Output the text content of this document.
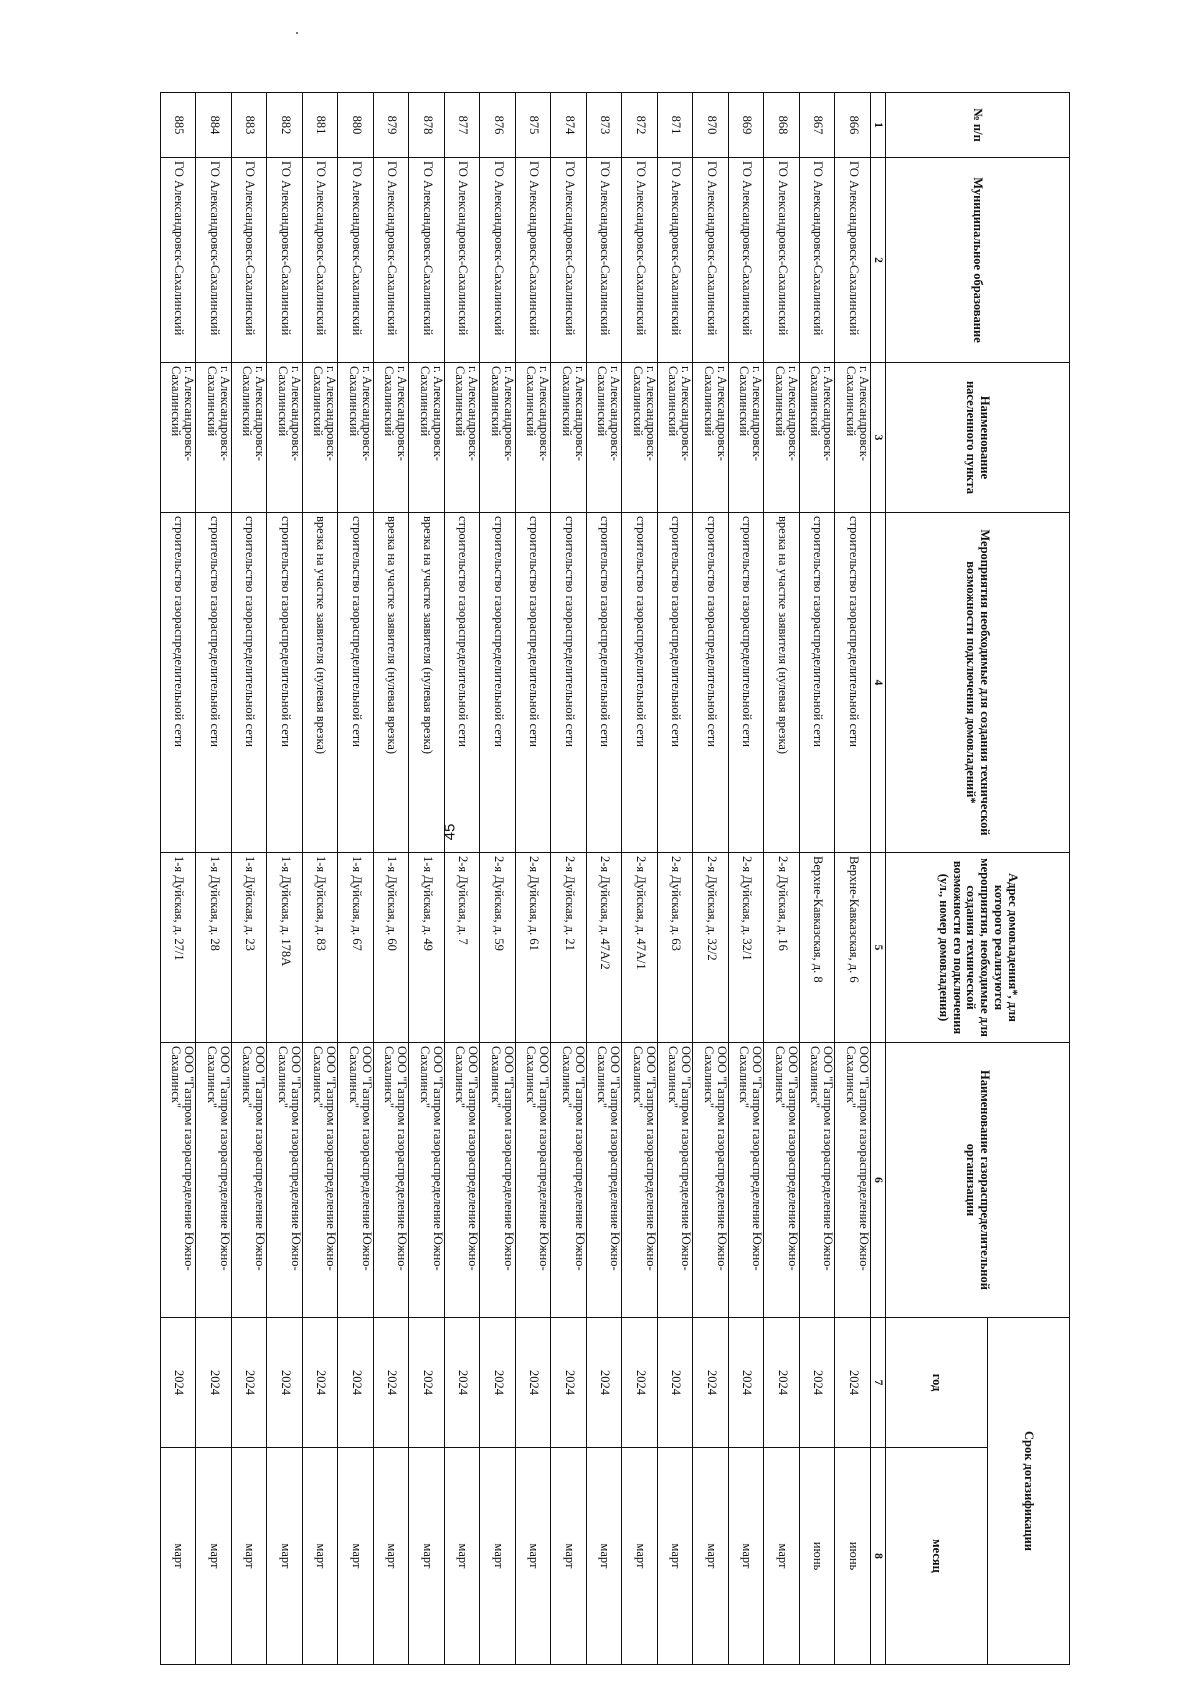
45
№ п/п	Муниципальное образование	Наименование населенного пункта	Мероприятия необходимые для создания технической возможности подключения домовладений*	Адрес домовладения*, для которого реализуются мероприятия, необходимые для создания технической возможности его подключения (ул., номер домовладения)	Наименование газораспределительной организации	Срок догазификации	
						год	месяц
1	2	3	4	5	6	7	8
866	ГО Александровск-Сахалинский	г. Александровск-Сахалинский	строительство газораспределительной сети	Верхне-Кавказская, д. 6	ООО "Газпром газораспределение Южно-Сахалинск"	2024	июнь
867	ГО Александровск-Сахалинский	г. Александровск-Сахалинский	строительство газораспределительной сети	Верхне-Кавказская, д. 8	ООО "Газпром газораспределение Южно-Сахалинск"	2024	июнь
868	ГО Александровск-Сахалинский	г. Александровск-Сахалинский	врезка на участке заявителя (нулевая врезка)	2-я Дуйская, д. 16	ООО "Газпром газораспределение Южно-Сахалинск"	2024	март
869	ГО Александровск-Сахалинский	г. Александровск-Сахалинский	строительство газораспределительной сети	2-я Дуйская, д. 32/1	ООО "Газпром газораспределение Южно-Сахалинск"	2024	март
870	ГО Александровск-Сахалинский	г. Александровск-Сахалинский	строительство газораспределительной сети	2-я Дуйская, д. 32/2	ООО "Газпром газораспределение Южно-Сахалинск"	2024	март
871	ГО Александровск-Сахалинский	г. Александровск-Сахалинский	строительство газораспределительной сети	2-я Дуйская, д. 63	ООО "Газпром газораспределение Южно-Сахалинск"	2024	март
872	ГО Александровск-Сахалинский	г. Александровск-Сахалинский	строительство газораспределительной сети	2-я Дуйская, д. 47А/1	ООО "Газпром газораспределение Южно-Сахалинск"	2024	март
873	ГО Александровск-Сахалинский	г. Александровск-Сахалинский	строительство газораспределительной сети	2-я Дуйская, д. 47А/2	ООО "Газпром газораспределение Южно-Сахалинск"	2024	март
874	ГО Александровск-Сахалинский	г. Александровск-Сахалинский	строительство газораспределительной сети	2-я Дуйская, д. 21	ООО "Газпром газораспределение Южно-Сахалинск"	2024	март
875	ГО Александровск-Сахалинский	г. Александровск-Сахалинский	строительство газораспределительной сети	2-я Дуйская, д. 61	ООО "Газпром газораспределение Южно-Сахалинск"	2024	март
876	ГО Александровск-Сахалинский	г. Александровск-Сахалинский	строительство газораспределительной сети	2-я Дуйская, д. 59	ООО "Газпром газораспределение Южно-Сахалинск"	2024	март
877	ГО Александровск-Сахалинский	г. Александровск-Сахалинский	строительство газораспределительной сети	2-я Дуйская, д. 7	ООО "Газпром газораспределение Южно-Сахалинск"	2024	март
878	ГО Александровск-Сахалинский	г. Александровск-Сахалинский	врезка на участке заявителя (нулевая врезка)	1-я Дуйская, д. 49	ООО "Газпром газораспределение Южно-Сахалинск"	2024	март
879	ГО Александровск-Сахалинский	г. Александровск-Сахалинский	врезка на участке заявителя (нулевая врезка)	1-я Дуйская, д. 60	ООО "Газпром газораспределение Южно-Сахалинск"	2024	март
880	ГО Александровск-Сахалинский	г. Александровск-Сахалинский	строительство газораспределительной сети	1-я Дуйская, д. 67	ООО "Газпром газораспределение Южно-Сахалинск"	2024	март
881	ГО Александровск-Сахалинский	г. Александровск-Сахалинский	врезка на участке заявителя (нулевая врезка)	1-я Дуйская, д. 83	ООО "Газпром газораспределение Южно-Сахалинск"	2024	март
882	ГО Александровск-Сахалинский	г. Александровск-Сахалинский	строительство газораспределительной сети	1-я Дуйская, д. 178А	ООО "Газпром газораспределение Южно-Сахалинск"	2024	март
883	ГО Александровск-Сахалинский	г. Александровск-Сахалинский	строительство газораспределительной сети	1-я Дуйская, д. 23	ООО "Газпром газораспределение Южно-Сахалинск"	2024	март
884	ГО Александровск-Сахалинский	г. Александровск-Сахалинский	строительство газораспределительной сети	1-я Дуйская, д. 28	ООО "Газпром газораспределение Южно-Сахалинск"	2024	март
885	ГО Александровск-Сахалинский	г. Александровск-Сахалинский	строительство газораспределительной сети	1-я Дуйская, д. 27/1	ООО "Газпром газораспределение Южно-Сахалинск"	2024	март
